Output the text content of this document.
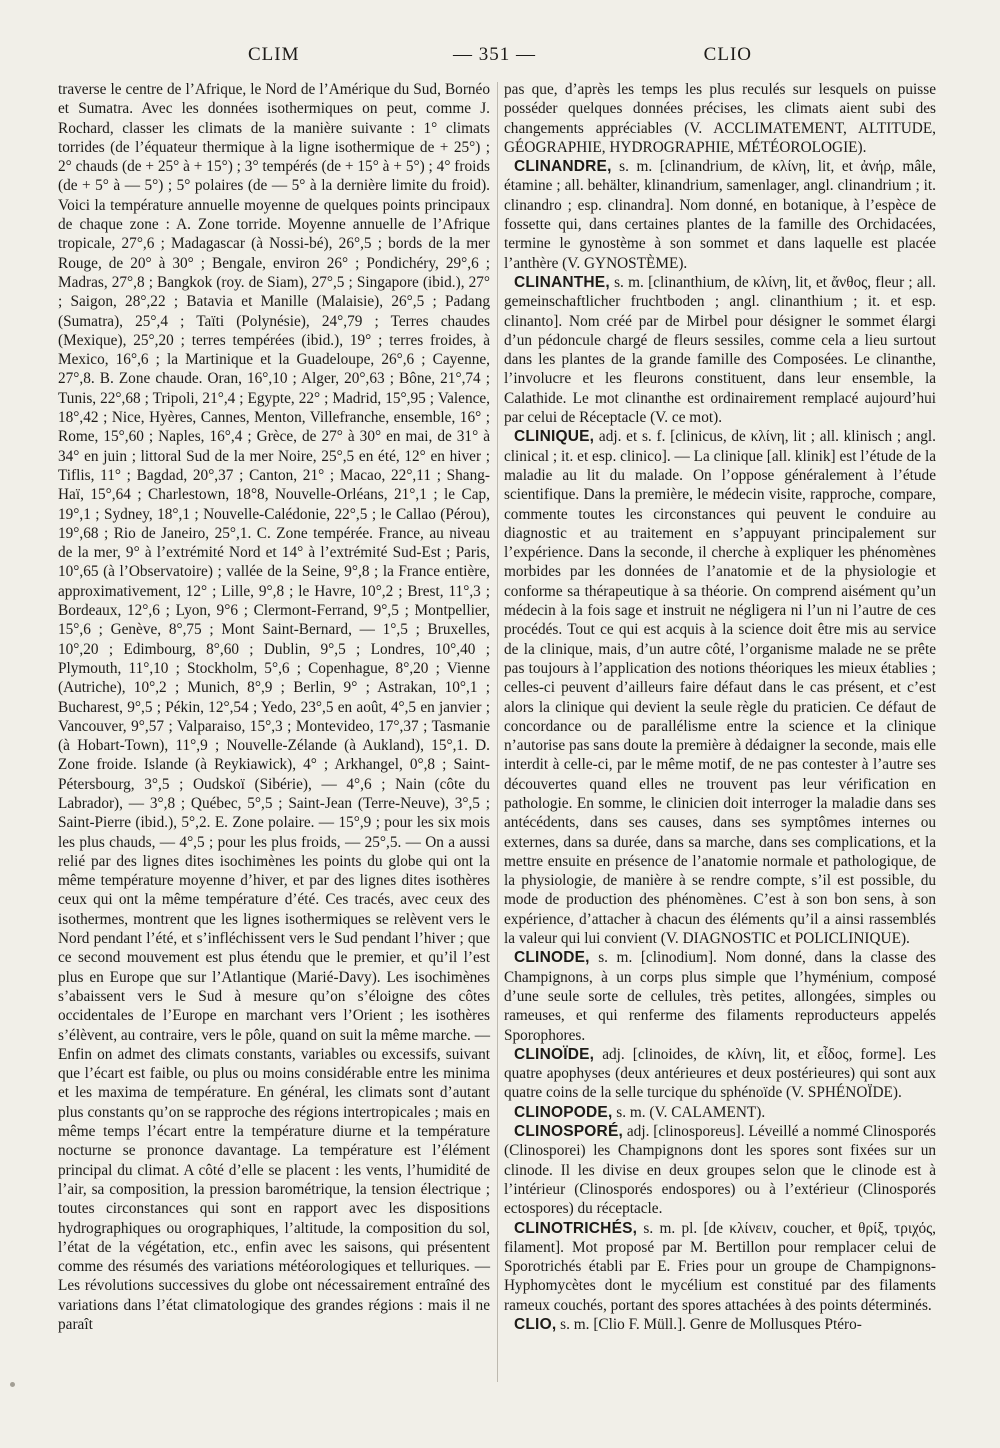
CLIM	— 351 —	CLIO

traverse le centre de l’Afrique, le Nord de l’Amérique du Sud, Bornéo et Sumatra. Avec les données isothermiques on peut, comme J. Rochard, classer les climats de la manière suivante : 1° climats torrides (de l’équateur thermique à la ligne isothermique de + 25°) ; 2° chauds (de + 25° à + 15°) ; 3° tempérés (de + 15° à + 5°) ; 4° froids (de + 5° à — 5°) ; 5° polaires (de — 5° à la dernière limite du froid). Voici la température annuelle moyenne de quelques points principaux de chaque zone : A. Zone torride. Moyenne annuelle de l’Afrique tropicale, 27°,6 ; Madagascar (à Nossi-bé), 26°,5 ; bords de la mer Rouge, de 20° à 30° ; Bengale, environ 26° ; Pondichéry, 29°,6 ; Madras, 27°,8 ; Bangkok (roy. de Siam), 27°,5 ; Singapore (ibid.), 27° ; Saigon, 28°,22 ; Batavia et Manille (Malaisie), 26°,5 ; Padang (Sumatra), 25°,4 ; Taïti (Polynésie), 24°,79 ; Terres chaudes (Mexique), 25°,20 ; terres tempérées (ibid.), 19° ; terres froides, à Mexico, 16°,6 ; la Martinique et la Guadeloupe, 26°,6 ; Cayenne, 27°,8. B. Zone chaude. Oran, 16°,10 ; Alger, 20°,63 ; Bône, 21°,74 ; Tunis, 22°,68 ; Tripoli, 21°,4 ; Egypte, 22° ; Madrid, 15°,95 ; Valence, 18°,42 ; Nice, Hyères, Cannes, Menton, Villefranche, ensemble, 16° ; Rome, 15°,60 ; Naples, 16°,4 ; Grèce, de 27° à 30° en mai, de 31° à 34° en juin ; littoral Sud de la mer Noire, 25°,5 en été, 12° en hiver ; Tiflis, 11° ; Bagdad, 20°,37 ; Canton, 21° ; Macao, 22°,11 ; Shang-Haï, 15°,64 ; Charlestown, 18°8, Nouvelle-Orléans, 21°,1 ; le Cap, 19°,1 ; Sydney, 18°,1 ; Nouvelle-Calédonie, 22°,5 ; le Callao (Pérou), 19°,68 ; Rio de Janeiro, 25°,1. C. Zone tempérée. France, au niveau de la mer, 9° à l’extrémité Nord et 14° à l’extrémité Sud-Est ; Paris, 10°,65 (à l’Observatoire) ; vallée de la Seine, 9°,8 ; la France entière, approximativement, 12° ; Lille, 9°,8 ; le Havre, 10°,2 ; Brest, 11°,3 ; Bordeaux, 12°,6 ; Lyon, 9°6 ; Clermont-Ferrand, 9°,5 ; Montpellier, 15°,6 ; Genève, 8°,75 ; Mont Saint-Bernard, — 1°,5 ; Bruxelles, 10°,20 ; Edimbourg, 8°,60 ; Dublin, 9°,5 ; Londres, 10°,40 ; Plymouth, 11°,10 ; Stockholm, 5°,6 ; Copenhague, 8°,20 ; Vienne (Autriche), 10°,2 ; Munich, 8°,9 ; Berlin, 9° ; Astrakan, 10°,1 ; Bucharest, 9°,5 ; Pékin, 12°,54 ; Yedo, 23°,5 en août, 4°,5 en janvier ; Vancouver, 9°,57 ; Valparaiso, 15°,3 ; Montevideo, 17°,37 ; Tasmanie (à Hobart-Town), 11°,9 ; Nouvelle-Zélande (à Aukland), 15°,1. D. Zone froide. Islande (à Reykiawick), 4° ; Arkhangel, 0°,8 ; Saint-Pétersbourg, 3°,5 ; Oudskoï (Sibérie), — 4°,6 ; Nain (côte du Labrador), — 3°,8 ; Québec, 5°,5 ; Saint-Jean (Terre-Neuve), 3°,5 ; Saint-Pierre (ibid.), 5°,2. E. Zone polaire. — 15°,9 ; pour les six mois les plus chauds, — 4°,5 ; pour les plus froids, — 25°,5. — On a aussi relié par des lignes dites isochimènes les points du globe qui ont la même température moyenne d’hiver, et par des lignes dites isothères ceux qui ont la même température d’été. Ces tracés, avec ceux des isothermes, montrent que les lignes isothermiques se relèvent vers le Nord pendant l’été, et s’infléchissent vers le Sud pendant l’hiver ; que ce second mouvement est plus étendu que le premier, et qu’il l’est plus en Europe que sur l’Atlantique (Marié-Davy). Les isochimènes s’abaissent vers le Sud à mesure qu’on s’éloigne des côtes occidentales de l’Europe en marchant vers l’Orient ; les isothères s’élèvent, au contraire, vers le pôle, quand on suit la même marche. — Enfin on admet des climats constants, variables ou excessifs, suivant que l’écart est faible, ou plus ou moins considérable entre les minima et les maxima de température. En général, les climats sont d’autant plus constants qu’on se rapproche des régions intertropicales ; mais en même temps l’écart entre la température diurne et la température nocturne se prononce davantage. La température est l’élément principal du climat. A côté d’elle se placent : les vents, l’humidité de l’air, sa composition, la pression barométrique, la tension électrique ; toutes circonstances qui sont en rapport avec les dispositions hydrographiques ou orographiques, l’altitude, la composition du sol, l’état de la végétation, etc., enfin avec les saisons, qui présentent comme des résumés des variations météorologiques et telluriques. — Les révolutions successives du globe ont nécessairement entraîné des variations dans l’état climatologique des grandes régions : mais il ne paraît

pas que, d’après les temps les plus reculés sur lesquels on puisse posséder quelques données précises, les climats aient subi des changements appréciables (V. ACCLIMATEMENT, ALTITUDE, GÉOGRAPHIE, HYDROGRAPHIE, MÉTÉOROLOGIE).

CLINANDRE, s. m. [clinandrium, de κλίνη, lit, et ἀνήρ, mâle, étamine ; all. behälter, klinandrium, samenlager, angl. clinandrium ; it. clinandro ; esp. clinandra]. Nom donné, en botanique, à l’espèce de fossette qui, dans certaines plantes de la famille des Orchidacées, termine le gynostème à son sommet et dans laquelle est placée l’anthère (V. GYNOSTÈME).

CLINANTHE, s. m. [clinanthium, de κλίνη, lit, et ἄνθος, fleur ; all. gemeinschaftlicher fruchtboden ; angl. clinanthium ; it. et esp. clinanto]. Nom créé par de Mirbel pour désigner le sommet élargi d’un pédoncule chargé de fleurs sessiles, comme cela a lieu surtout dans les plantes de la grande famille des Composées. Le clinanthe, l’involucre et les fleurons constituent, dans leur ensemble, la Calathide. Le mot clinanthe est ordinairement remplacé aujourd’hui par celui de Réceptacle (V. ce mot).

CLINIQUE, adj. et s. f. [clinicus, de κλίνη, lit ; all. klinisch ; angl. clinical ; it. et esp. clinico]. — La clinique [all. klinik] est l’étude de la maladie au lit du malade. On l’oppose généralement à l’étude scientifique. Dans la première, le médecin visite, rapproche, compare, commente toutes les circonstances qui peuvent le conduire au diagnostic et au traitement en s’appuyant principalement sur l’expérience. Dans la seconde, il cherche à expliquer les phénomènes morbides par les données de l’anatomie et de la physiologie et conforme sa thérapeutique à sa théorie. On comprend aisément qu’un médecin à la fois sage et instruit ne négligera ni l’un ni l’autre de ces procédés. Tout ce qui est acquis à la science doit être mis au service de la clinique, mais, d’un autre côté, l’organisme malade ne se prête pas toujours à l’application des notions théoriques les mieux établies ; celles-ci peuvent d’ailleurs faire défaut dans le cas présent, et c’est alors la clinique qui devient la seule règle du praticien. Ce défaut de concordance ou de parallélisme entre la science et la clinique n’autorise pas sans doute la première à dédaigner la seconde, mais elle interdit à celle-ci, par le même motif, de ne pas contester à l’autre ses découvertes quand elles ne trouvent pas leur vérification en pathologie. En somme, le clinicien doit interroger la maladie dans ses antécédents, dans ses causes, dans ses symptômes internes ou externes, dans sa durée, dans sa marche, dans ses complications, et la mettre ensuite en présence de l’anatomie normale et pathologique, de la physiologie, de manière à se rendre compte, s’il est possible, du mode de production des phénomènes. C’est à son bon sens, à son expérience, d’attacher à chacun des éléments qu’il a ainsi rassemblés la valeur qui lui convient (V. DIAGNOSTIC et POLICLINIQUE).

CLINODE, s. m. [clinodium]. Nom donné, dans la classe des Champignons, à un corps plus simple que l’hyménium, composé d’une seule sorte de cellules, très petites, allongées, simples ou rameuses, et qui renferme des filaments reproducteurs appelés Sporophores.

CLINOÏDE, adj. [clinoides, de κλίνη, lit, et εἶδος, forme]. Les quatre apophyses (deux antérieures et deux postérieures) qui sont aux quatre coins de la selle turcique du sphénoïde (V. SPHÉNOÏDE).

CLINOPODE, s. m. (V. CALAMENT).

CLINOSPORÉ, adj. [clinosporeus]. Léveillé a nommé Clinosporés (Clinosporei) les Champignons dont les spores sont fixées sur un clinode. Il les divise en deux groupes selon que le clinode est à l’intérieur (Clinosporés endospores) ou à l’extérieur (Clinosporés ectospores) du réceptacle.

CLINOTRICHÉS, s. m. pl. [de κλίνειν, coucher, et θρίξ, τριχός, filament]. Mot proposé par M. Bertillon pour remplacer celui de Sporotrichés établi par E. Fries pour un groupe de Champignons-Hyphomycètes dont le mycélium est constitué par des filaments rameux couchés, portant des spores attachées à des points déterminés.

CLIO, s. m. [Clio F. Müll.]. Genre de Mollusques Ptéro-
